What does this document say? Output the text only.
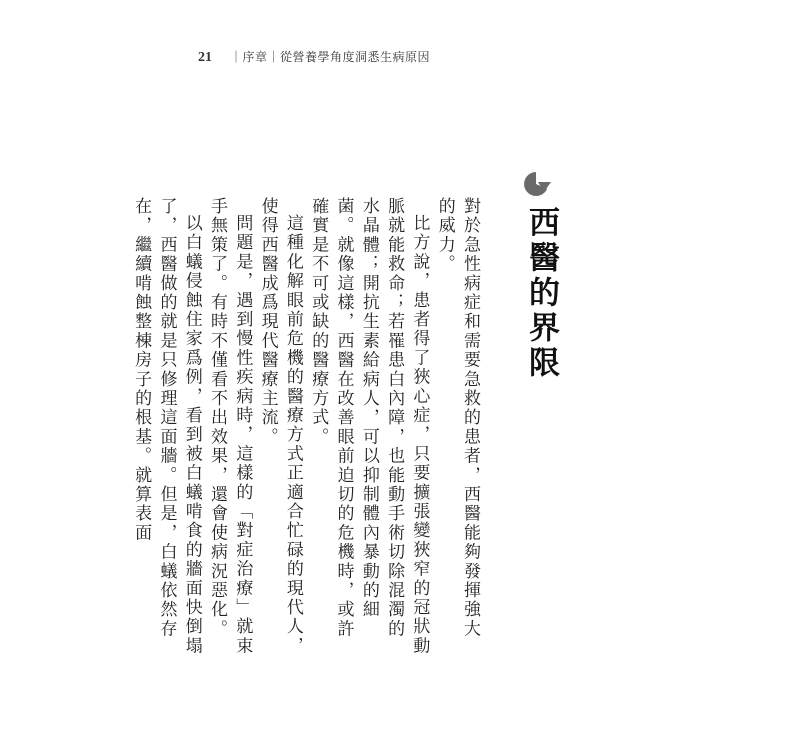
21 ｜序章｜從營養學角度洞悉生病原因
西醫的界限

對於急性病症和需要急救的患者，西醫能夠發揮強大的威力。

比方說，患者得了狹心症，只要擴張變狹窄的冠狀動脈就能救命；若罹患白內障，也能動手術切除混濁的水晶體；開抗生素給病人，可以抑制體內暴動的細菌。就像這樣，西醫在改善眼前迫切的危機時，或許確實是不可或缺的醫療方式。

這種化解眼前危機的醫療方式正適合忙碌的現代人，使得西醫成爲現代醫療主流。

問題是，遇到慢性疾病時，這樣的「對症治療」就束手無策了。有時不僅看不出效果，還會使病況惡化。

以白蟻侵蝕住家爲例，看到被白蟻啃食的牆面快倒塌了，西醫做的就是只修理這面牆。但是，白蟻依然存在，繼續啃蝕整棟房子的根基。就算表面
